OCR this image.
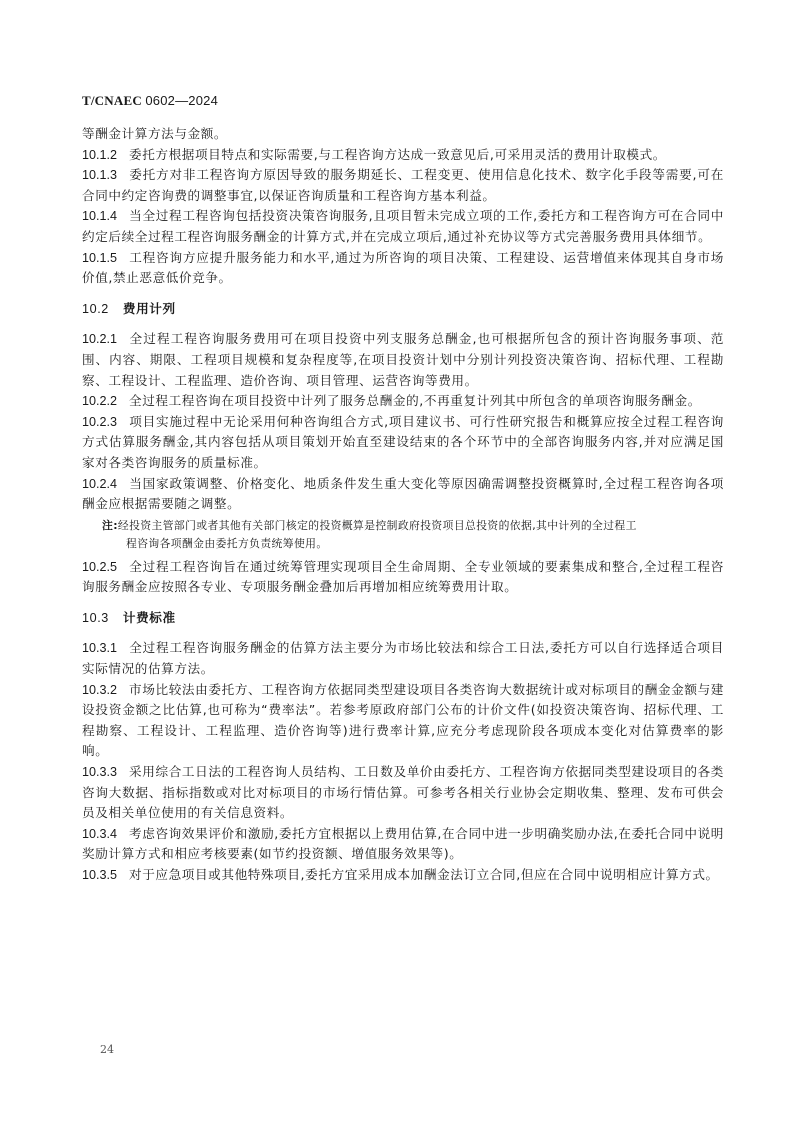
T/CNAEC 0602—2024

等酬金计算方法与金额。

10.1.2 委托方根据项目特点和实际需要,与工程咨询方达成一致意见后,可采用灵活的费用计取模式。

10.1.3 委托方对非工程咨询方原因导致的服务期延长、工程变更、使用信息化技术、数字化手段等需要,可在合同中约定咨询费的调整事宜,以保证咨询质量和工程咨询方基本利益。

10.1.4 当全过程工程咨询包括投资决策咨询服务,且项目暂未完成立项的工作,委托方和工程咨询方可在合同中约定后续全过程工程咨询服务酬金的计算方式,并在完成立项后,通过补充协议等方式完善服务费用具体细节。

10.1.5 工程咨询方应提升服务能力和水平,通过为所咨询的项目决策、工程建设、运营增值来体现其自身市场价值,禁止恶意低价竞争。

10.2 费用计列

10.2.1 全过程工程咨询服务费用可在项目投资中列支服务总酬金,也可根据所包含的预计咨询服务事项、范围、内容、期限、工程项目规模和复杂程度等,在项目投资计划中分别计列投资决策咨询、招标代理、工程勘察、工程设计、工程监理、造价咨询、项目管理、运营咨询等费用。

10.2.2 全过程工程咨询在项目投资中计列了服务总酬金的,不再重复计列其中所包含的单项咨询服务酬金。

10.2.3 项目实施过程中无论采用何种咨询组合方式,项目建议书、可行性研究报告和概算应按全过程工程咨询方式估算服务酬金,其内容包括从项目策划开始直至建设结束的各个环节中的全部咨询服务内容,并对应满足国家对各类咨询服务的质量标准。

10.2.4 当国家政策调整、价格变化、地质条件发生重大变化等原因确需调整投资概算时,全过程工程咨询各项酬金应根据需要随之调整。

注:经投资主管部门或者其他有关部门核定的投资概算是控制政府投资项目总投资的依据,其中计列的全过程工
程咨询各项酬金由委托方负责统筹使用。

10.2.5 全过程工程咨询旨在通过统筹管理实现项目全生命周期、全专业领域的要素集成和整合,全过程工程咨询服务酬金应按照各专业、专项服务酬金叠加后再增加相应统筹费用计取。

10.3 计费标准

10.3.1 全过程工程咨询服务酬金的估算方法主要分为市场比较法和综合工日法,委托方可以自行选择适合项目实际情况的估算方法。

10.3.2 市场比较法由委托方、工程咨询方依据同类型建设项目各类咨询大数据统计或对标项目的酬金金额与建设投资金额之比估算,也可称为“费率法”。若参考原政府部门公布的计价文件(如投资决策咨询、招标代理、工程勘察、工程设计、工程监理、造价咨询等)进行费率计算,应充分考虑现阶段各项成本变化对估算费率的影响。

10.3.3 采用综合工日法的工程咨询人员结构、工日数及单价由委托方、工程咨询方依据同类型建设项目的各类咨询大数据、指标指数或对比对标项目的市场行情估算。可参考各相关行业协会定期收集、整理、发布可供会员及相关单位使用的有关信息资料。

10.3.4 考虑咨询效果评价和激励,委托方宜根据以上费用估算,在合同中进一步明确奖励办法,在委托合同中说明奖励计算方式和相应考核要素(如节约投资额、增值服务效果等)。

10.3.5 对于应急项目或其他特殊项目,委托方宜采用成本加酬金法订立合同,但应在合同中说明相应计算方式。

24
